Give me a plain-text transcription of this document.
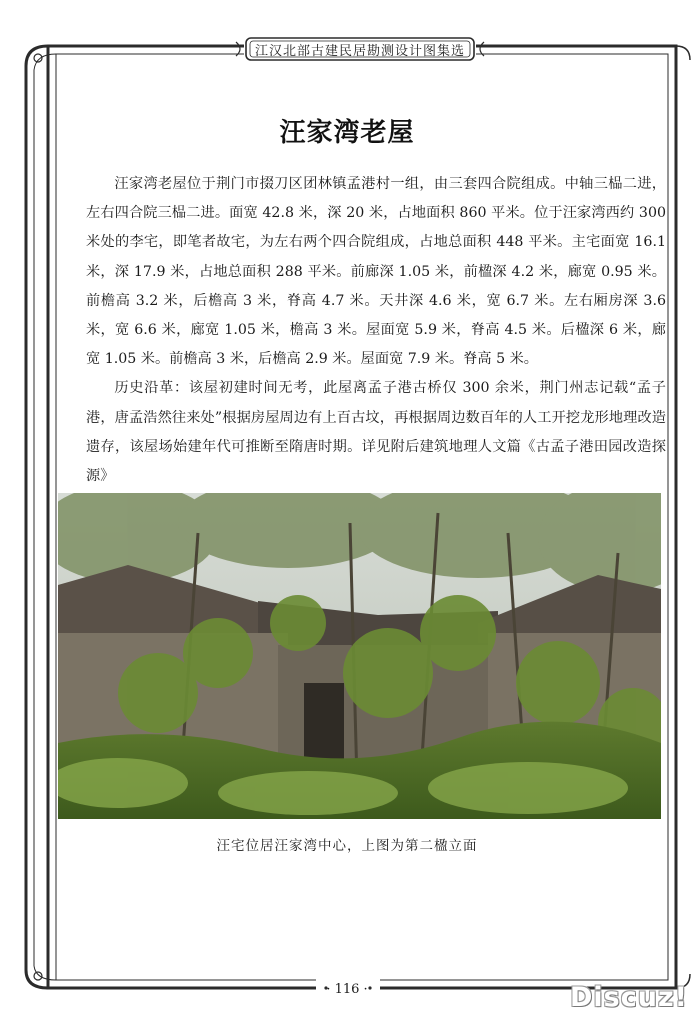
江汉北部古建民居勘测设计图集选
汪家湾老屋

汪家湾老屋位于荆门市掇刀区团林镇孟港村一组，由三套四合院组成。中轴三榀二进，左右四合院三榀二进。面宽 42.8 米，深 20 米，占地面积 860 平米。位于汪家湾西约 300 米处的李宅，即笔者故宅，为左右两个四合院组成，占地总面积 448 平米。主宅面宽 16.1 米，深 17.9 米，占地总面积 288 平米。前廊深 1.05 米，前楹深 4.2 米，廊宽 0.95 米。前檐高 3.2 米，后檐高 3 米，脊高 4.7 米。天井深 4.6 米，宽 6.7 米。左右厢房深 3.6 米，宽 6.6 米，廊宽 1.05 米，檐高 3 米。屋面宽 5.9 米，脊高 4.5 米。后楹深 6 米，廊宽 1.05 米。前檐高 3 米，后檐高 2.9 米。屋面宽 7.9 米。脊高 5 米。

历史沿革：该屋初建时间无考，此屋离孟子港古桥仅 300 余米，荆门州志记载“孟子港，唐孟浩然往来处”根据房屋周边有上百古坟，再根据周边数百年的人工开挖龙形地理改造遗存，该屋场始建年代可推断至隋唐时期。详见附后建筑地理人文篇《古孟子港田园改造探源》

汪宅位居汪家湾中心，上图为第二楹立面
· 116 ·	Discuz!
